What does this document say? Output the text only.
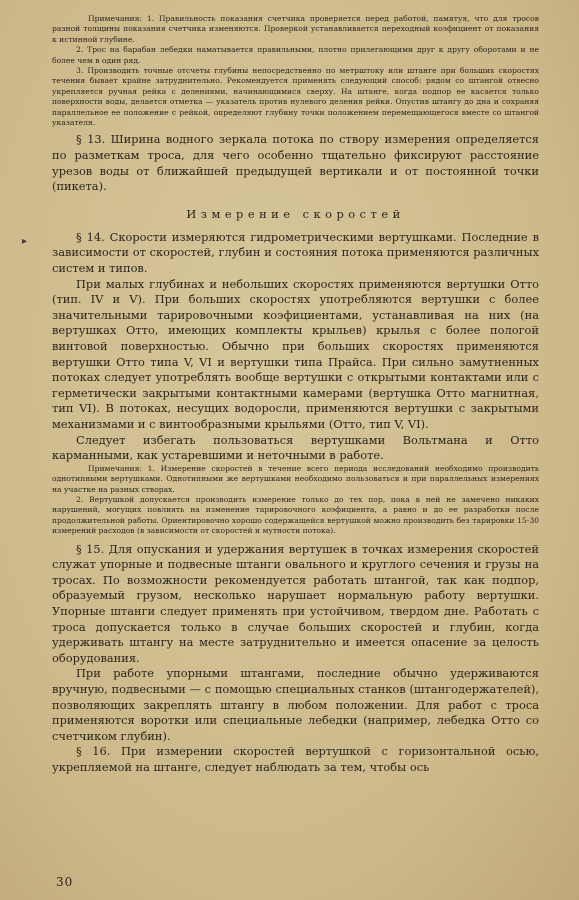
Примечания: 1. Правильность показания счетчика проверяется перед работой, памятуя, что для тросов разной толщины показания счетчика изменяются. Проверкой устанавливается переходный коэфициент от показания к истинной глубине.

2. Трос на барабан лебедки наматывается правильными, плотно прилегающими друг к другу оборотами и не более чем в один ряд.

3. Производить точные отсчеты глубины непосредственно по метрштоку или штанге при больших скоростях течения бывает крайне затруднительно. Рекомендуется применять следующий способ: рядом со штангой отвесно укрепляется ручная рейка с делениями, начинающимися сверху. На штанге, когда подпор ее касается только поверхности воды, делается отметка — указатель против нулевого деления рейки. Опустив штангу до дна и сохраняя параллельное ее положение с рейкой, определяют глубину точки положением перемещающегося вместе со штангой указателя.

§ 13. Ширина водного зеркала потока по створу измерения определяется по разметкам троса, для чего особенно тщательно фиксируют расстояние урезов воды от ближайшей предыдущей вертикали и от постоянной точки (пикета).

Измерение скоростей

§ 14. Скорости измеряются гидрометрическими вертушками. Последние в зависимости от скоростей, глубин и состояния потока применяются различных систем и типов.

При малых глубинах и небольших скоростях применяются вертушки Отто (тип. IV и V). При больших скоростях употребляются вертушки с более значительными тарировочными коэфициентами, устанавливая на них (на вертушках Отто, имеющих комплекты крыльев) крылья с более пологой винтовой поверхностью. Обычно при больших скоростях применяются вертушки Отто типа V, VI и вертушки типа Прайса. При сильно замутненных потоках следует употреблять вообще вертушки с открытыми контактами или с герметически закрытыми контактными камерами (вертушка Отто магнитная, тип VI). В потоках, несущих водоросли, применяются вертушки с закрытыми механизмами и с винтообразными крыльями (Отто, тип V, VI).

Следует избегать пользоваться вертушками Вольтмана и Отто карманными, как устаревшими и неточными в работе.

Примечания: 1. Измерение скоростей в течение всего периода исследований необходимо производить однотипными вертушками. Однотипными же вертушками необходимо пользоваться и при параллельных измерениях на участке на разных створах.

2. Вертушкой допускается производить измерение только до тех пор, пока в ней не замечено никаких нарушений, могущих повлиять на изменение тарировочного коэфициента, а равно и до ее разработки после продолжительной работы. Ориентировочно хорошо содержащейся вертушкой можно производить без тарировки 15-30 измерений расходов (в зависимости от скоростей и мутности потока).

§ 15. Для опускания и удержания вертушек в точках измерения скоростей служат упорные и подвесные штанги овального и круглого сечения и грузы на тросах. По возможности рекомендуется работать штангой, так как подпор, образуемый грузом, несколько нарушает нормальную работу вертушки. Упорные штанги следует применять при устойчивом, твердом дне. Работать с троса допускается только в случае больших скоростей и глубин, когда удерживать штангу на месте затруднительно и имеется опасение за целость оборудования.

При работе упорными штангами, последние обычно удерживаются вручную, подвесными — с помощью специальных станков (штангодержателей), позволяющих закреплять штангу в любом положении. Для работ с троса применяются воротки или специальные лебедки (например, лебедка Отто со счетчиком глубин).

§ 16. При измерении скоростей вертушкой с горизонтальной осью, укрепляемой на штанге, следует наблюдать за тем, чтобы ось

▸
30
